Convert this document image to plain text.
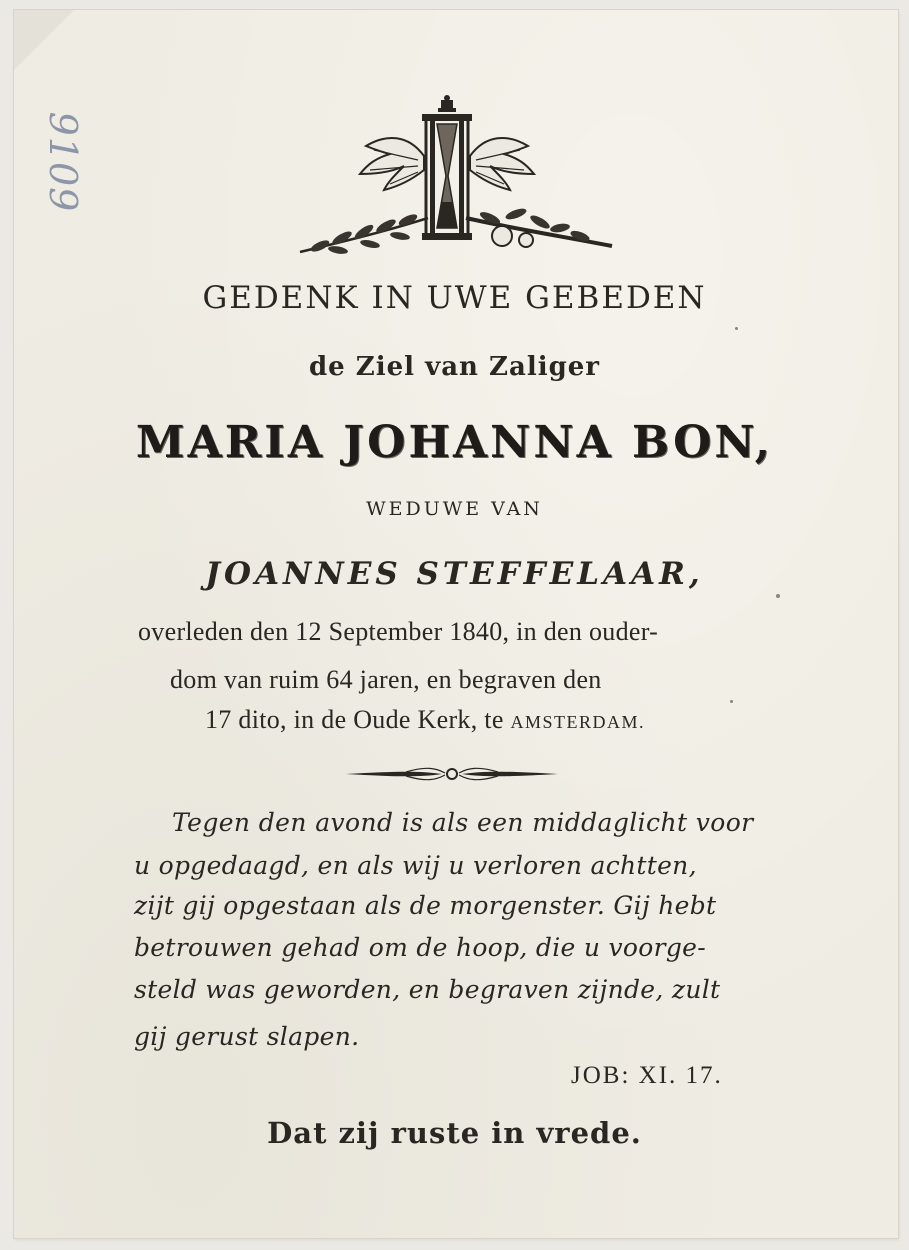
9109
GEDENK IN UWE GEBEDEN
de Ziel van Zaliger
MARIA JOHANNA BON,
WEDUWE VAN
JOANNES STEFFELAAR,
overleden den 12 September 1840, in den ouder-
dom van ruim 64 jaren, en begraven den
17 dito, in de Oude Kerk, te AMSTERDAM.
Tegen den avond is als een middaglicht voor
u opgedaagd, en als wij u verloren achtten,
zijt gij opgestaan als de morgenster. Gij hebt
betrouwen gehad om de hoop, die u voorge-
steld was geworden, en begraven zijnde, zult
gij gerust slapen.
JOB: XI. 17.
Dat zij ruste in vrede.
